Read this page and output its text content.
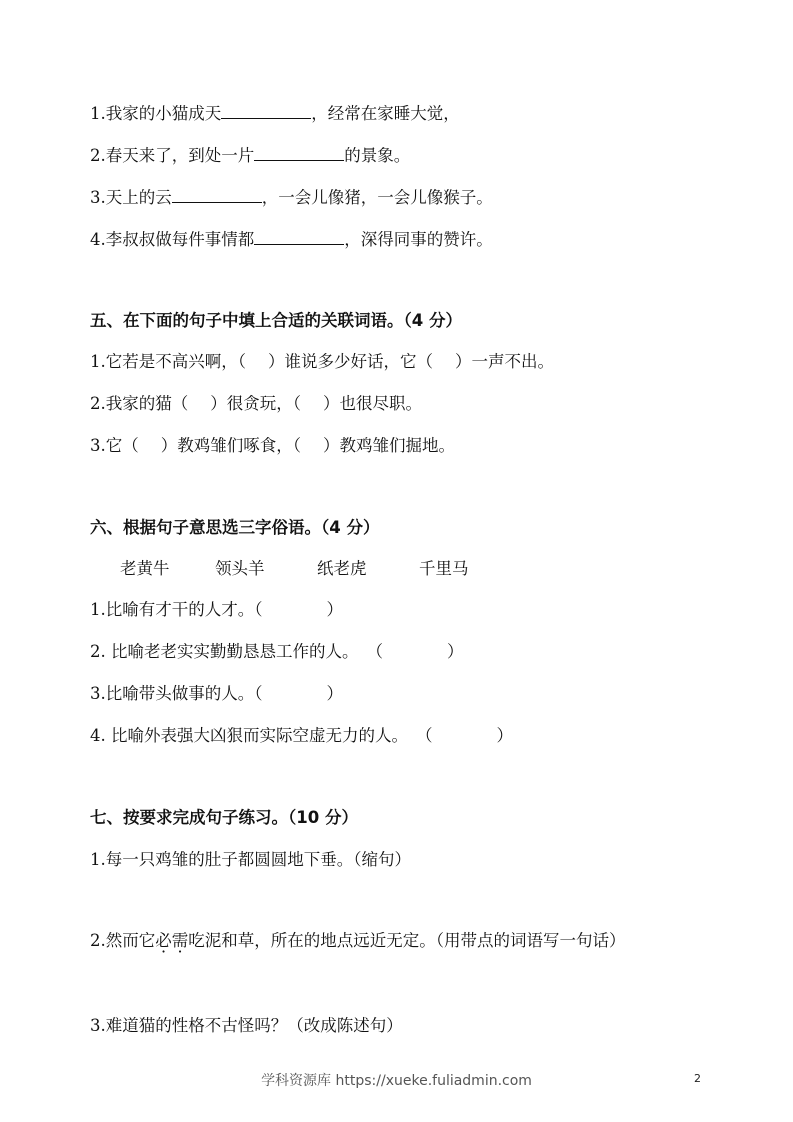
1.我家的小猫成天	，经常在家睡大觉，
2.春天来了，到处一片	的景象。
3.天上的云	，一会儿像猪，一会儿像猴子。
4.李叔叔做每件事情都	，深得同事的赞许。
五、在下面的句子中填上合适的关联词语。（4 分）
1.它若是不高兴啊，（ ）谁说多少好话，它（ ）一声不出。
2.我家的猫（ ）很贪玩，（ ）也很尽职。
3.它（ ）教鸡雏们啄食，（ ）教鸡雏们掘地。
六、根据句子意思选三字俗语。（4 分）
老黄牛	领头羊	纸老虎	千里马
1.比喻有才干的人才。（	）
2. 比喻老老实实勤勤恳恳工作的人。 （	）
3.比喻带头做事的人。（	）
4. 比喻外表强大凶狠而实际空虚无力的人。 （	）
七、按要求完成句子练习。（10 分）
1.每一只鸡雏的肚子都圆圆地下垂。（缩句）
2.然而它必需吃泥和草，所在的地点远近无定。（用带点的词语写一句话）
3.难道猫的性格不古怪吗？（改成陈述句）
学科资源库 https://xueke.fuliadmin.com	2
